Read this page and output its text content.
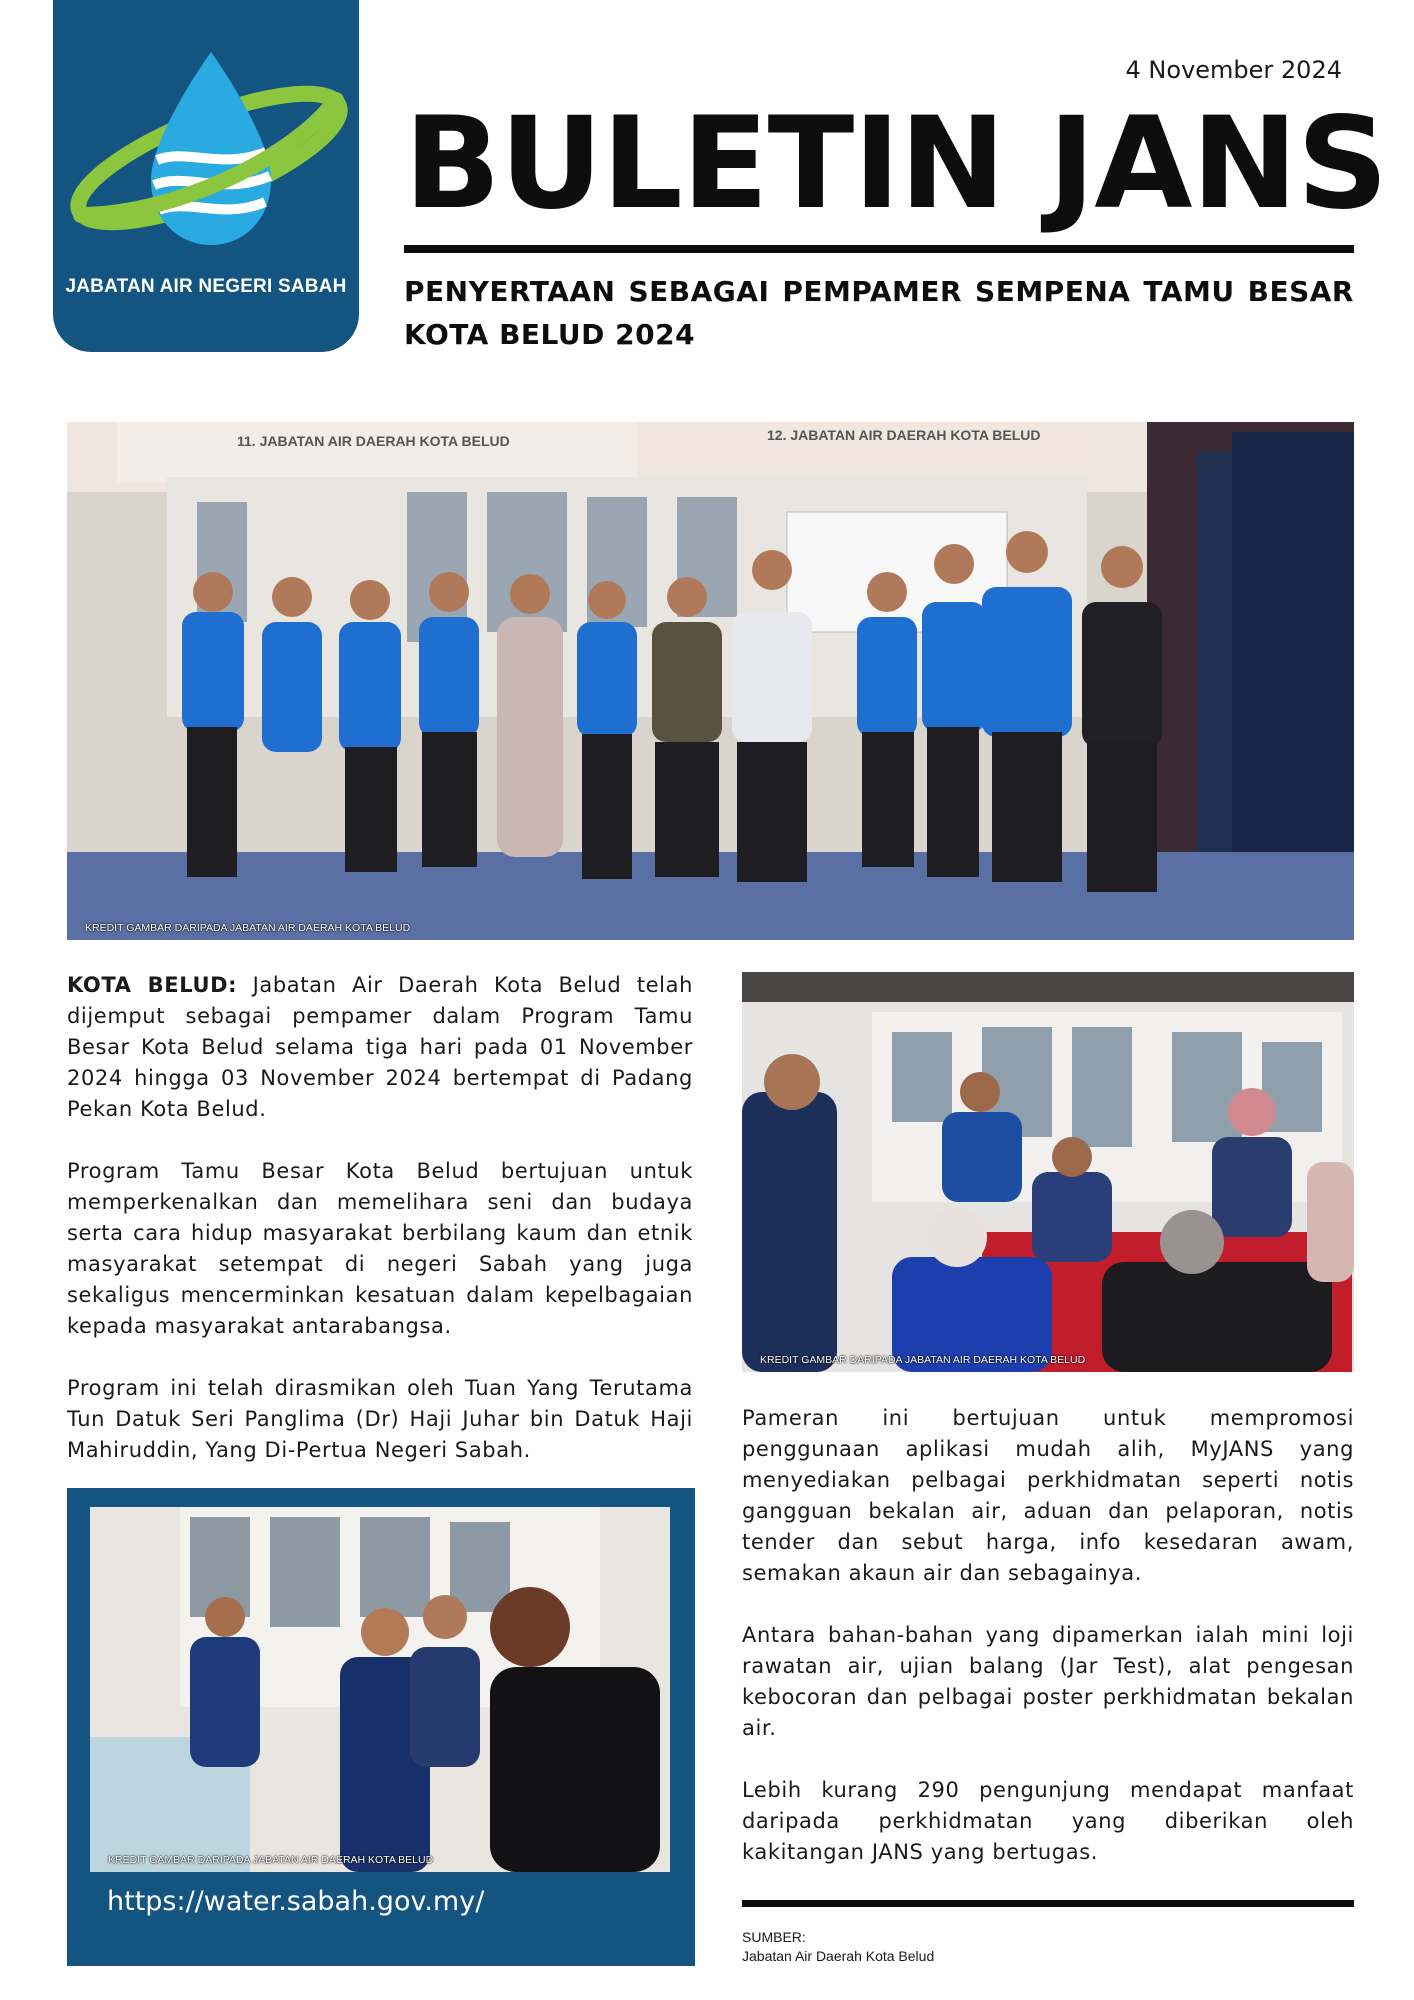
JABATAN AIR NEGERI SABAH
4 November 2024
BULETIN JANS
PENYERTAAN SEBAGAI PEMPAMER SEMPENA TAMU BESAR KOTA BELUD 2024
11. JABATAN AIR DAERAH KOTA BELUD	12. JABATAN AIR DAERAH KOTA BELUD
KREDIT GAMBAR DARIPADA JABATAN AIR DAERAH KOTA BELUD

KOTA BELUD: Jabatan Air Daerah Kota Belud telah dijemput sebagai pempamer dalam Program Tamu Besar Kota Belud selama tiga hari pada 01 November 2024 hingga 03 November 2024 bertempat di Padang Pekan Kota Belud.

Program Tamu Besar Kota Belud bertujuan untuk memperkenalkan dan memelihara seni dan budaya serta cara hidup masyarakat berbilang kaum dan etnik masyarakat setempat di negeri Sabah yang juga sekaligus mencerminkan kesatuan dalam kepelbagaian kepada masyarakat antarabangsa.

Program ini telah dirasmikan oleh Tuan Yang Terutama Tun Datuk Seri Panglima (Dr) Haji Juhar bin Datuk Haji Mahiruddin, Yang Di-Pertua Negeri Sabah.

KREDIT GAMBAR DARIPADA JABATAN AIR DAERAH KOTA BELUD

Pameran ini bertujuan untuk mempromosi penggunaan aplikasi mudah alih, MyJANS yang menyediakan pelbagai perkhidmatan seperti notis gangguan bekalan air, aduan dan pelaporan, notis tender dan sebut harga, info kesedaran awam, semakan akaun air dan sebagainya.

Antara bahan-bahan yang dipamerkan ialah mini loji rawatan air, ujian balang (Jar Test), alat pengesan kebocoran dan pelbagai poster perkhidmatan bekalan air.

Lebih kurang 290 pengunjung mendapat manfaat daripada perkhidmatan yang diberikan oleh kakitangan JANS yang bertugas.

KREDIT GAMBAR DARIPADA JABATAN AIR DAERAH KOTA BELUD
https://water.sabah.gov.my/
SUMBER:
Jabatan Air Daerah Kota Belud
